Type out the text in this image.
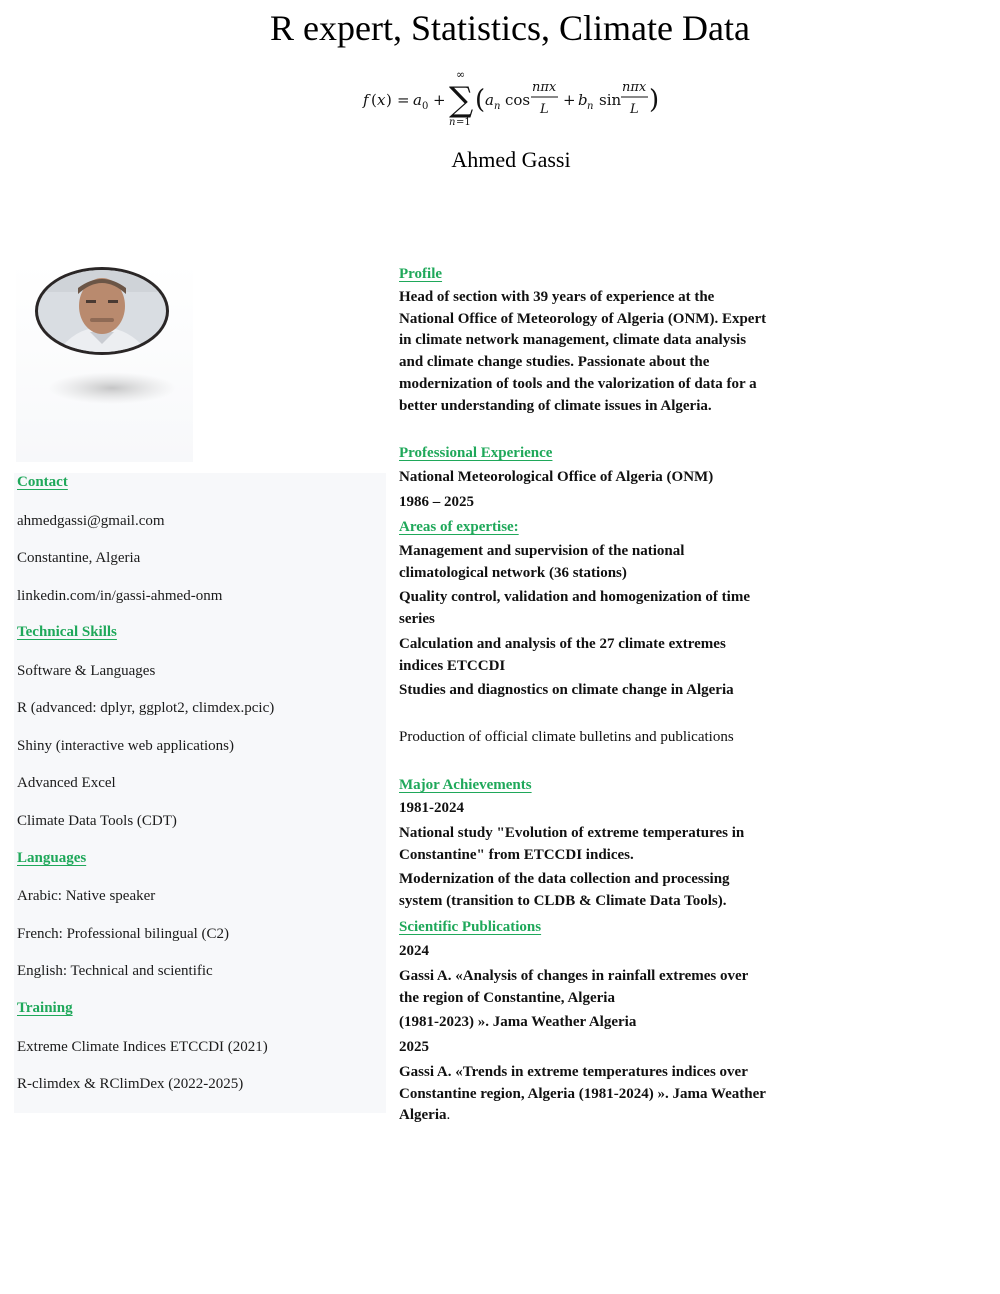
R expert, Statistics, Climate Data
f ( x ) = a 0 +
∞
∑
n =1
( a n cos
nπx
L
+ b n sin
nπx
L )
Ahmed Gassi
Contact
ahmedgassi@gmail.com
Constantine, Algeria
linkedin.com/in/gassi-ahmed-onm
Technical Skills
Software & Languages
R (advanced: dplyr, ggplot2, climdex.pcic)
Shiny (interactive web applications)
Advanced Excel
Climate Data Tools (CDT)
Languages
Arabic: Native speaker
French: Professional bilingual (C2)
English: Technical and scientific
Training
Extreme Climate Indices ETCCDI (2021)
R-climdex & RClimDex (2022-2025)
Profile
Head of section with 39 years of experience at the National Office of Meteorology of Algeria (ONM). Expert in climate network management, climate data analysis and climate change studies. Passionate about the modernization of tools and the valorization of data for a better understanding of climate issues in Algeria.
Professional Experience
National Meteorological Office of Algeria (ONM)
1986 – 2025
Areas of expertise:
Management and supervision of the national climatological network (36 stations)
Quality control, validation and homogenization of time series
Calculation and analysis of the 27 climate extremes indices ETCCDI
Studies and diagnostics on climate change in Algeria
Production of official climate bulletins and publications
Major Achievements
1981-2024
National study "Evolution of extreme temperatures in Constantine" from ETCCDI indices.
Modernization of the data collection and processing system (transition to CLDB & Climate Data Tools).
Scientific Publications
2024
Gassi A. «Analysis of changes in rainfall extremes over the region of Constantine, Algeria
(1981-2023) ». Jama Weather Algeria
2025
Gassi A. «Trends in extreme temperatures indices over Constantine region, Algeria (1981-2024) ». Jama Weather Algeria.
